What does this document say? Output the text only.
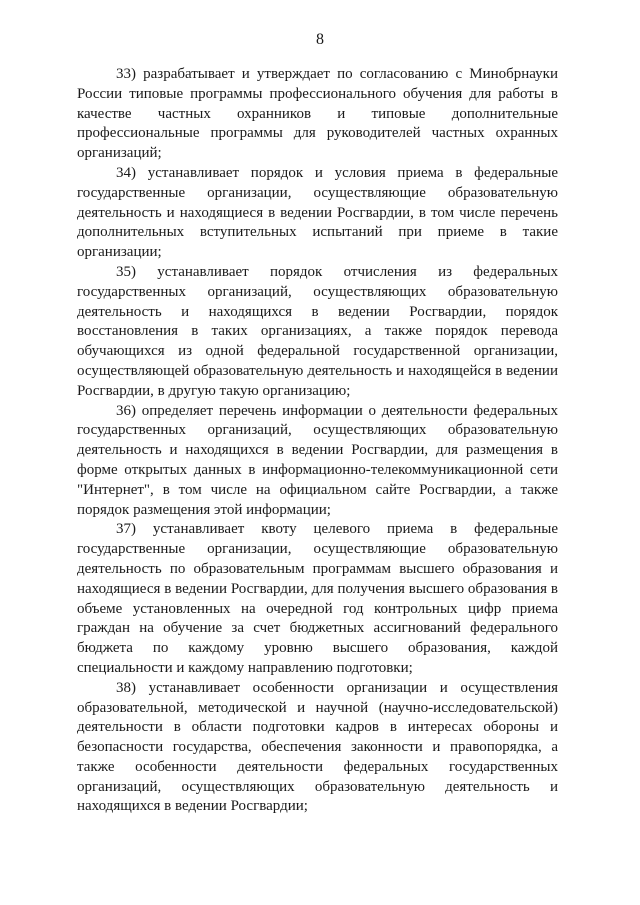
8

33) разрабатывает и утверждает по согласованию с Минобрнауки России типовые программы профессионального обучения для работы в качестве частных охранников и типовые дополнительные профессиональные программы для руководителей частных охранных организаций;

34) устанавливает порядок и условия приема в федеральные государственные организации, осуществляющие образовательную деятельность и находящиеся в ведении Росгвардии, в том числе перечень дополнительных вступительных испытаний при приеме в такие организации;

35) устанавливает порядок отчисления из федеральных государственных организаций, осуществляющих образовательную деятельность и находящихся в ведении Росгвардии, порядок восстановления в таких организациях, а также порядок перевода обучающихся из одной федеральной государственной организации, осуществляющей образовательную деятельность и находящейся в ведении Росгвардии, в другую такую организацию;

36) определяет перечень информации о деятельности федеральных государственных организаций, осуществляющих образовательную деятельность и находящихся в ведении Росгвардии, для размещения в форме открытых данных в информационно-телекоммуникационной сети "Интернет", в том числе на официальном сайте Росгвардии, а также порядок размещения этой информации;

37) устанавливает квоту целевого приема в федеральные государственные организации, осуществляющие образовательную деятельность по образовательным программам высшего образования и находящиеся в ведении Росгвардии, для получения высшего образования в объеме установленных на очередной год контрольных цифр приема граждан на обучение за счет бюджетных ассигнований федерального бюджета по каждому уровню высшего образования, каждой специальности и каждому направлению подготовки;

38) устанавливает особенности организации и осуществления образовательной, методической и научной (научно-исследовательской) деятельности в области подготовки кадров в интересах обороны и безопасности государства, обеспечения законности и правопорядка, а также особенности деятельности федеральных государственных организаций, осуществляющих образовательную деятельность и находящихся в ведении Росгвардии;
